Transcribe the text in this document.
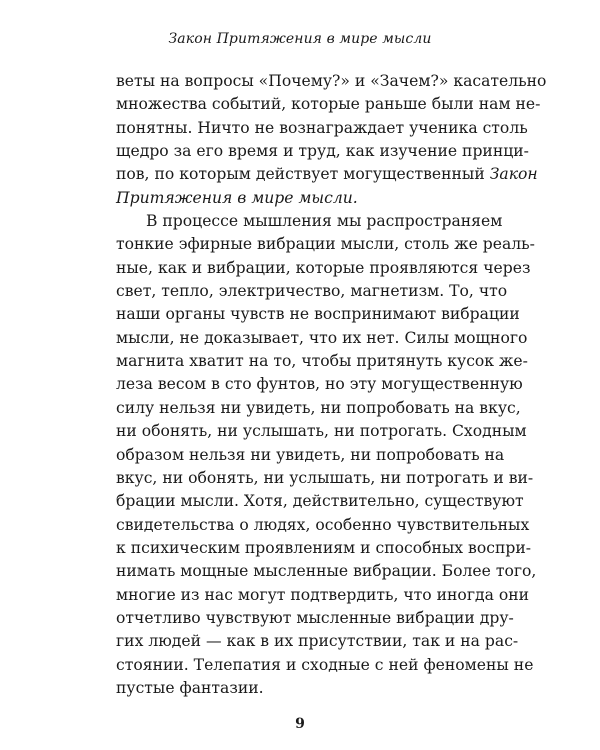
Закон Притяжения в мире мысли
веты на вопросы «Почему?» и «Зачем?» касательно
множества событий, которые раньше были нам не-
понятны. Ничто не вознаграждает ученика столь
щедро за его время и труд, как изучение принци-
пов, по которым действует могущественный Закон
Притяжения в мире мысли.
В процессе мышления мы распространяем
тонкие эфирные вибрации мысли, столь же реаль-
ные, как и вибрации, которые проявляются через
свет, тепло, электричество, магнетизм. То, что
наши органы чувств не воспринимают вибрации
мысли, не доказывает, что их нет. Силы мощного
магнита хватит на то, чтобы притянуть кусок же-
леза весом в сто фунтов, но эту могущественную
силу нельзя ни увидеть, ни попробовать на вкус,
ни обонять, ни услышать, ни потрогать. Сходным
образом нельзя ни увидеть, ни попробовать на
вкус, ни обонять, ни услышать, ни потрогать и ви-
брации мысли. Хотя, действительно, существуют
свидетельства о людях, особенно чувствительных
к психическим проявлениям и способных воспри-
нимать мощные мысленные вибрации. Более того,
многие из нас могут подтвердить, что иногда они
отчетливо чувствуют мысленные вибрации дру-
гих людей — как в их присутствии, так и на рас-
стоянии. Телепатия и сходные с ней феномены не
пустые фантазии.
9
